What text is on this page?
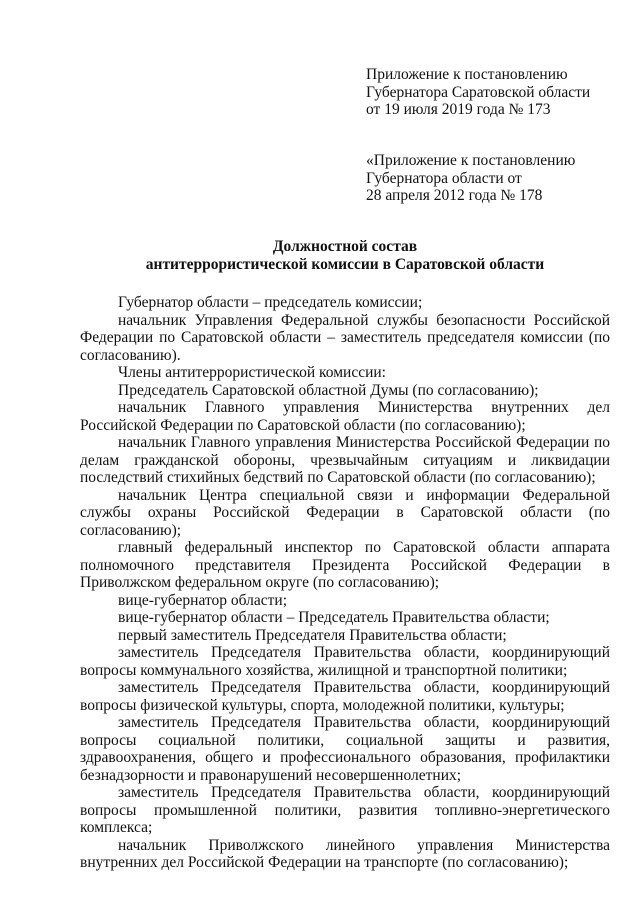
Приложение к постановлению
Губернатора Саратовской области
от 19 июля 2019 года № 173
«Приложение к постановлению
Губернатора области от
28 апреля 2012 года № 178
Должностной состав
антитеррористической комиссии в Саратовской области

Губернатор области – председатель комиссии;

начальник Управления Федеральной службы безопасности Российской Федерации по Саратовской области – заместитель председателя комиссии (по согласованию).

Члены антитеррористической комиссии:

Председатель Саратовской областной Думы (по согласованию);

начальник Главного управления Министерства внутренних дел Российской Федерации по Саратовской области (по согласованию);

начальник Главного управления Министерства Российской Федерации по делам гражданской обороны, чрезвычайным ситуациям и ликвидации последствий стихийных бедствий по Саратовской области (по согласованию);

начальник Центра специальной связи и информации Федеральной службы охраны Российской Федерации в Саратовской области (по согласованию);

главный федеральный инспектор по Саратовской области аппарата полномочного представителя Президента Российской Федерации в Приволжском федеральном округе (по согласованию);

вице-губернатор области;

вице-губернатор области – Председатель Правительства области;

первый заместитель Председателя Правительства области;

заместитель Председателя Правительства области, координирующий вопросы коммунального хозяйства, жилищной и транспортной политики;

заместитель Председателя Правительства области, координирующий вопросы физической культуры, спорта, молодежной политики, культуры;

заместитель Председателя Правительства области, координирующий вопросы социальной политики, социальной защиты и развития, здравоохранения, общего и профессионального образования, профилактики безнадзорности и правонарушений несовершеннолетних;

заместитель Председателя Правительства области, координирующий вопросы промышленной политики, развития топливно-энергетического комплекса;

начальник Приволжского линейного управления Министерства внутренних дел Российской Федерации на транспорте (по согласованию);
